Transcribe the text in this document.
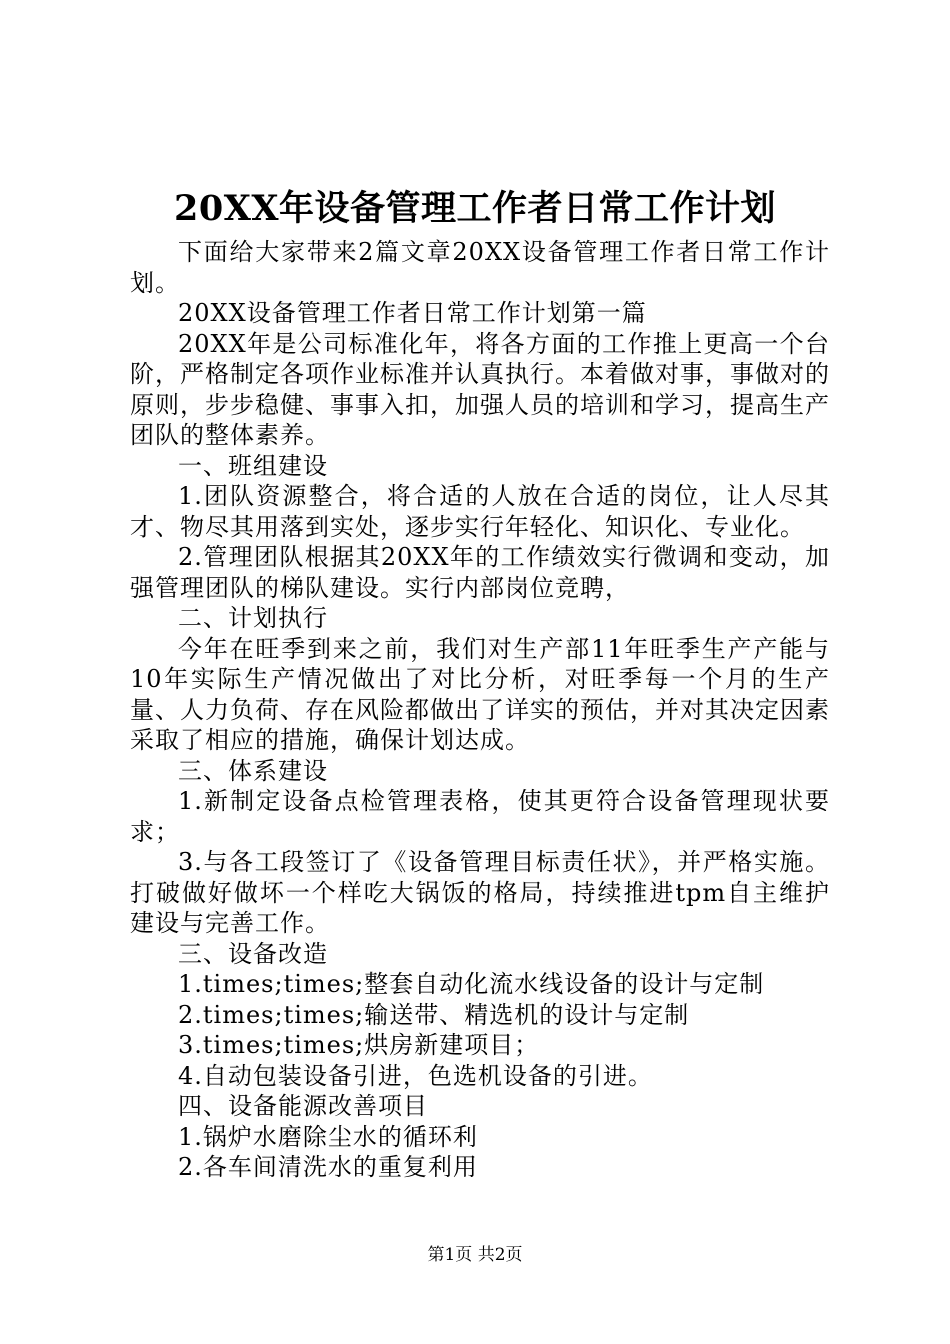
20XX年设备管理工作者日常工作计划

下面给大家带来2篇文章20XX设备管理工作者日常工作计划。

20XX设备管理工作者日常工作计划第一篇

20XX年是公司标准化年，将各方面的工作推上更高一个台阶，严格制定各项作业标准并认真执行。本着做对事，事做对的原则，步步稳健、事事入扣，加强人员的培训和学习，提高生产团队的整体素养。

一、班组建设

1.团队资源整合，将合适的人放在合适的岗位，让人尽其才、物尽其用落到实处，逐步实行年轻化、知识化、专业化。

2.管理团队根据其20XX年的工作绩效实行微调和变动，加强管理团队的梯队建设。实行内部岗位竞聘，

二、计划执行

今年在旺季到来之前，我们对生产部11年旺季生产产能与10年实际生产情况做出了对比分析，对旺季每一个月的生产量、人力负荷、存在风险都做出了详实的预估，并对其决定因素采取了相应的措施，确保计划达成。

三、体系建设

1.新制定设备点检管理表格，使其更符合设备管理现状要求；

3.与各工段签订了《设备管理目标责任状》，并严格实施。打破做好做坏一个样吃大锅饭的格局，持续推进tpm自主维护建设与完善工作。

三、设备改造

1.times;times;整套自动化流水线设备的设计与定制

2.times;times;输送带、精选机的设计与定制

3.times;times;烘房新建项目；

4.自动包装设备引进，色选机设备的引进。

四、设备能源改善项目

1.锅炉水磨除尘水的循环利

2.各车间清洗水的重复利用

第1页 共2页
